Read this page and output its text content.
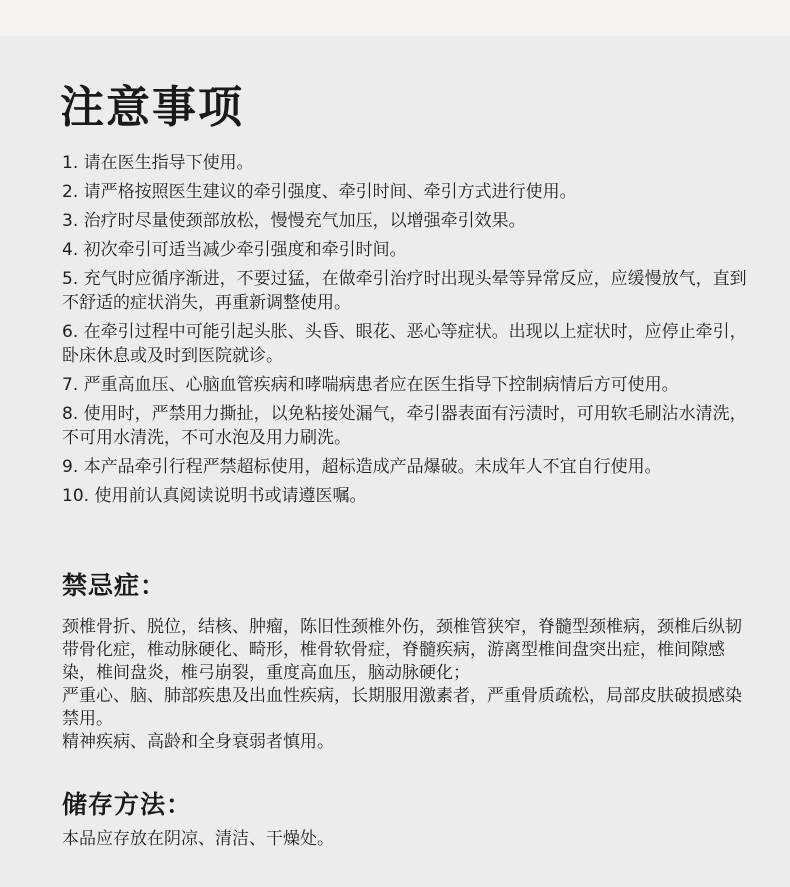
注意事项
1. 请在医生指导下使用。
2. 请严格按照医生建议的牵引强度、牵引时间、牵引方式进行使用。
3. 治疗时尽量使颈部放松，慢慢充气加压，以增强牵引效果。
4. 初次牵引可适当减少牵引强度和牵引时间。
5. 充气时应循序渐进，不要过猛，在做牵引治疗时出现头晕等异常反应，应缓慢放气，直到不舒适的症状消失，再重新调整使用。
6. 在牵引过程中可能引起头胀、头昏、眼花、恶心等症状。出现以上症状时，应停止牵引，卧床休息或及时到医院就诊。
7. 严重高血压、心脑血管疾病和哮喘病患者应在医生指导下控制病情后方可使用。
8. 使用时，严禁用力撕扯，以免粘接处漏气，牵引器表面有污渍时，可用软毛刷沾水清洗，不可用水清洗，不可水泡及用力刷洗。
9. 本产品牵引行程严禁超标使用，超标造成产品爆破。未成年人不宜自行使用。
10. 使用前认真阅读说明书或请遵医嘱。
禁忌症：

颈椎骨折、脱位，结核、肿瘤，陈旧性颈椎外伤，颈椎管狭窄，脊髓型颈椎病，颈椎后纵韧带骨化症，椎动脉硬化、畸形，椎骨软骨症，脊髓疾病，游离型椎间盘突出症，椎间隙感染，椎间盘炎，椎弓崩裂，重度高血压，脑动脉硬化；

严重心、脑、肺部疾患及出血性疾病，长期服用激素者，严重骨质疏松，局部皮肤破损感染禁用。

精神疾病、高龄和全身衰弱者慎用。

储存方法：

本品应存放在阴凉、清洁、干燥处。
